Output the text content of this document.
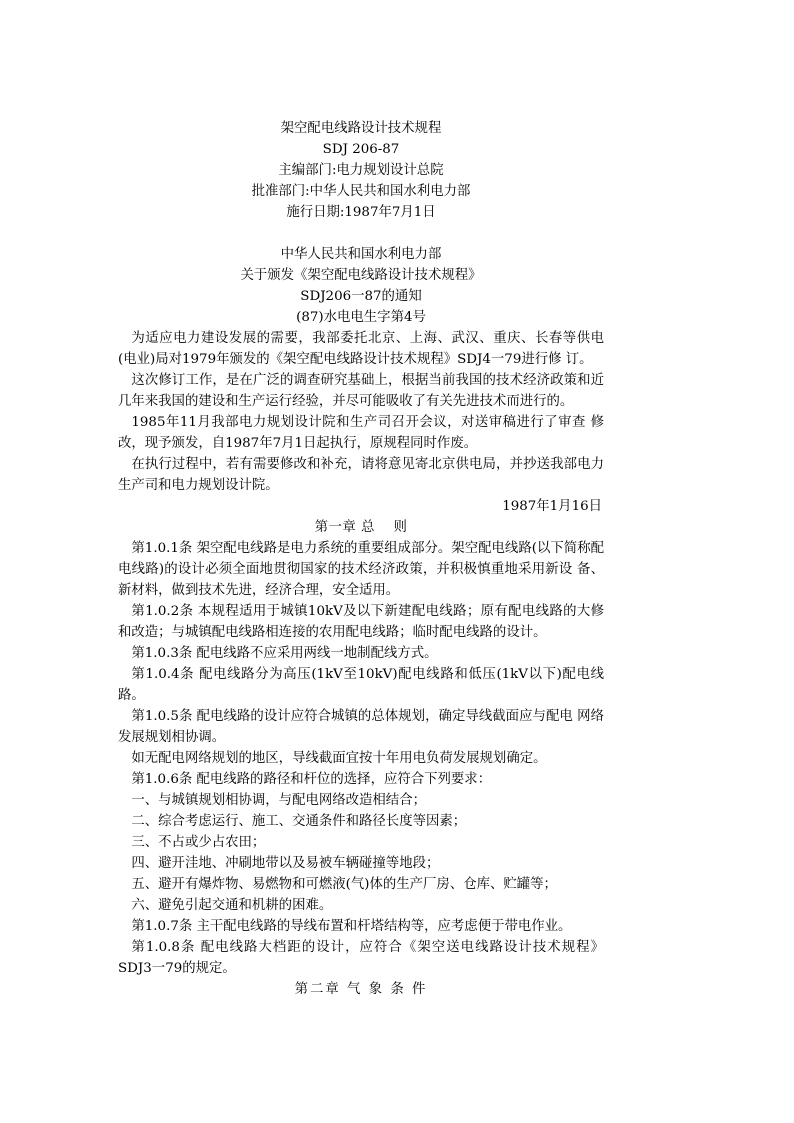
架空配电线路设计技术规程
SDJ 206-87
主编部门:电力规划设计总院
批准部门:中华人民共和国水利电力部
施行日期:1987年7月1日
中华人民共和国水利电力部
关于颁发《架空配电线路设计技术规程》
SDJ206一87的通知
(87)水电电生字第4号

为适应电力建设发展的需要，我部委托北京、上海、武汉、重庆、长春等供电(电业)局对1979年颁发的《架空配电线路设计技术规程》SDJ4一79进行修 订。

这次修订工作，是在广泛的调查研究基础上，根据当前我国的技术经济政策和近几年来我国的建设和生产运行经验，并尽可能吸收了有关先进技术而进行的。

1985年11月我部电力规划设计院和生产司召开会议，对送审稿进行了审查 修改，现予颁发，自1987年7月1日起执行，原规程同时作废。

在执行过程中，若有需要修改和补充，请将意见寄北京供电局，并抄送我部电力生产司和电力规划设计院。

1987年1月16日
第一章 总　 则

第1.0.1条 架空配电线路是电力系统的重要组成部分。架空配电线路(以下简称配电线路)的设计必须全面地贯彻国家的技术经济政策，并积极慎重地采用新设 备、新材料，做到技术先进，经济合理，安全适用。

第1.0.2条 本规程适用于城镇10kV及以下新建配电线路；原有配电线路的大修和改造；与城镇配电线路相连接的农用配电线路；临时配电线路的设计。

第1.0.3条 配电线路不应采用两线一地制配线方式。

第1.0.4条 配电线路分为高压(1kV至10kV)配电线路和低压(1kV以下)配电线路。

第1.0.5条 配电线路的设计应符合城镇的总体规划，确定导线截面应与配电 网络发展规划相协调。

如无配电网络规划的地区，导线截面宜按十年用电负荷发展规划确定。

第1.0.6条 配电线路的路径和杆位的选择，应符合下列要求：

一、与城镇规划相协调，与配电网络改造相结合；

二、综合考虑运行、施工、交通条件和路径长度等因素；

三、不占或少占农田；

四、避开洼地、冲刷地带以及易被车辆碰撞等地段；

五、避开有爆炸物、易燃物和可燃液(气)体的生产厂房、仓库、贮罐等；

六、避免引起交通和机耕的困难。

第1.0.7条 主干配电线路的导线布置和杆塔结构等，应考虑便于带电作业。

第1.0.8条 配电线路大档距的设计，应符合《架空送电线路设计技术规程》SDJ3一79的规定。

第二章 气 象 条 件
